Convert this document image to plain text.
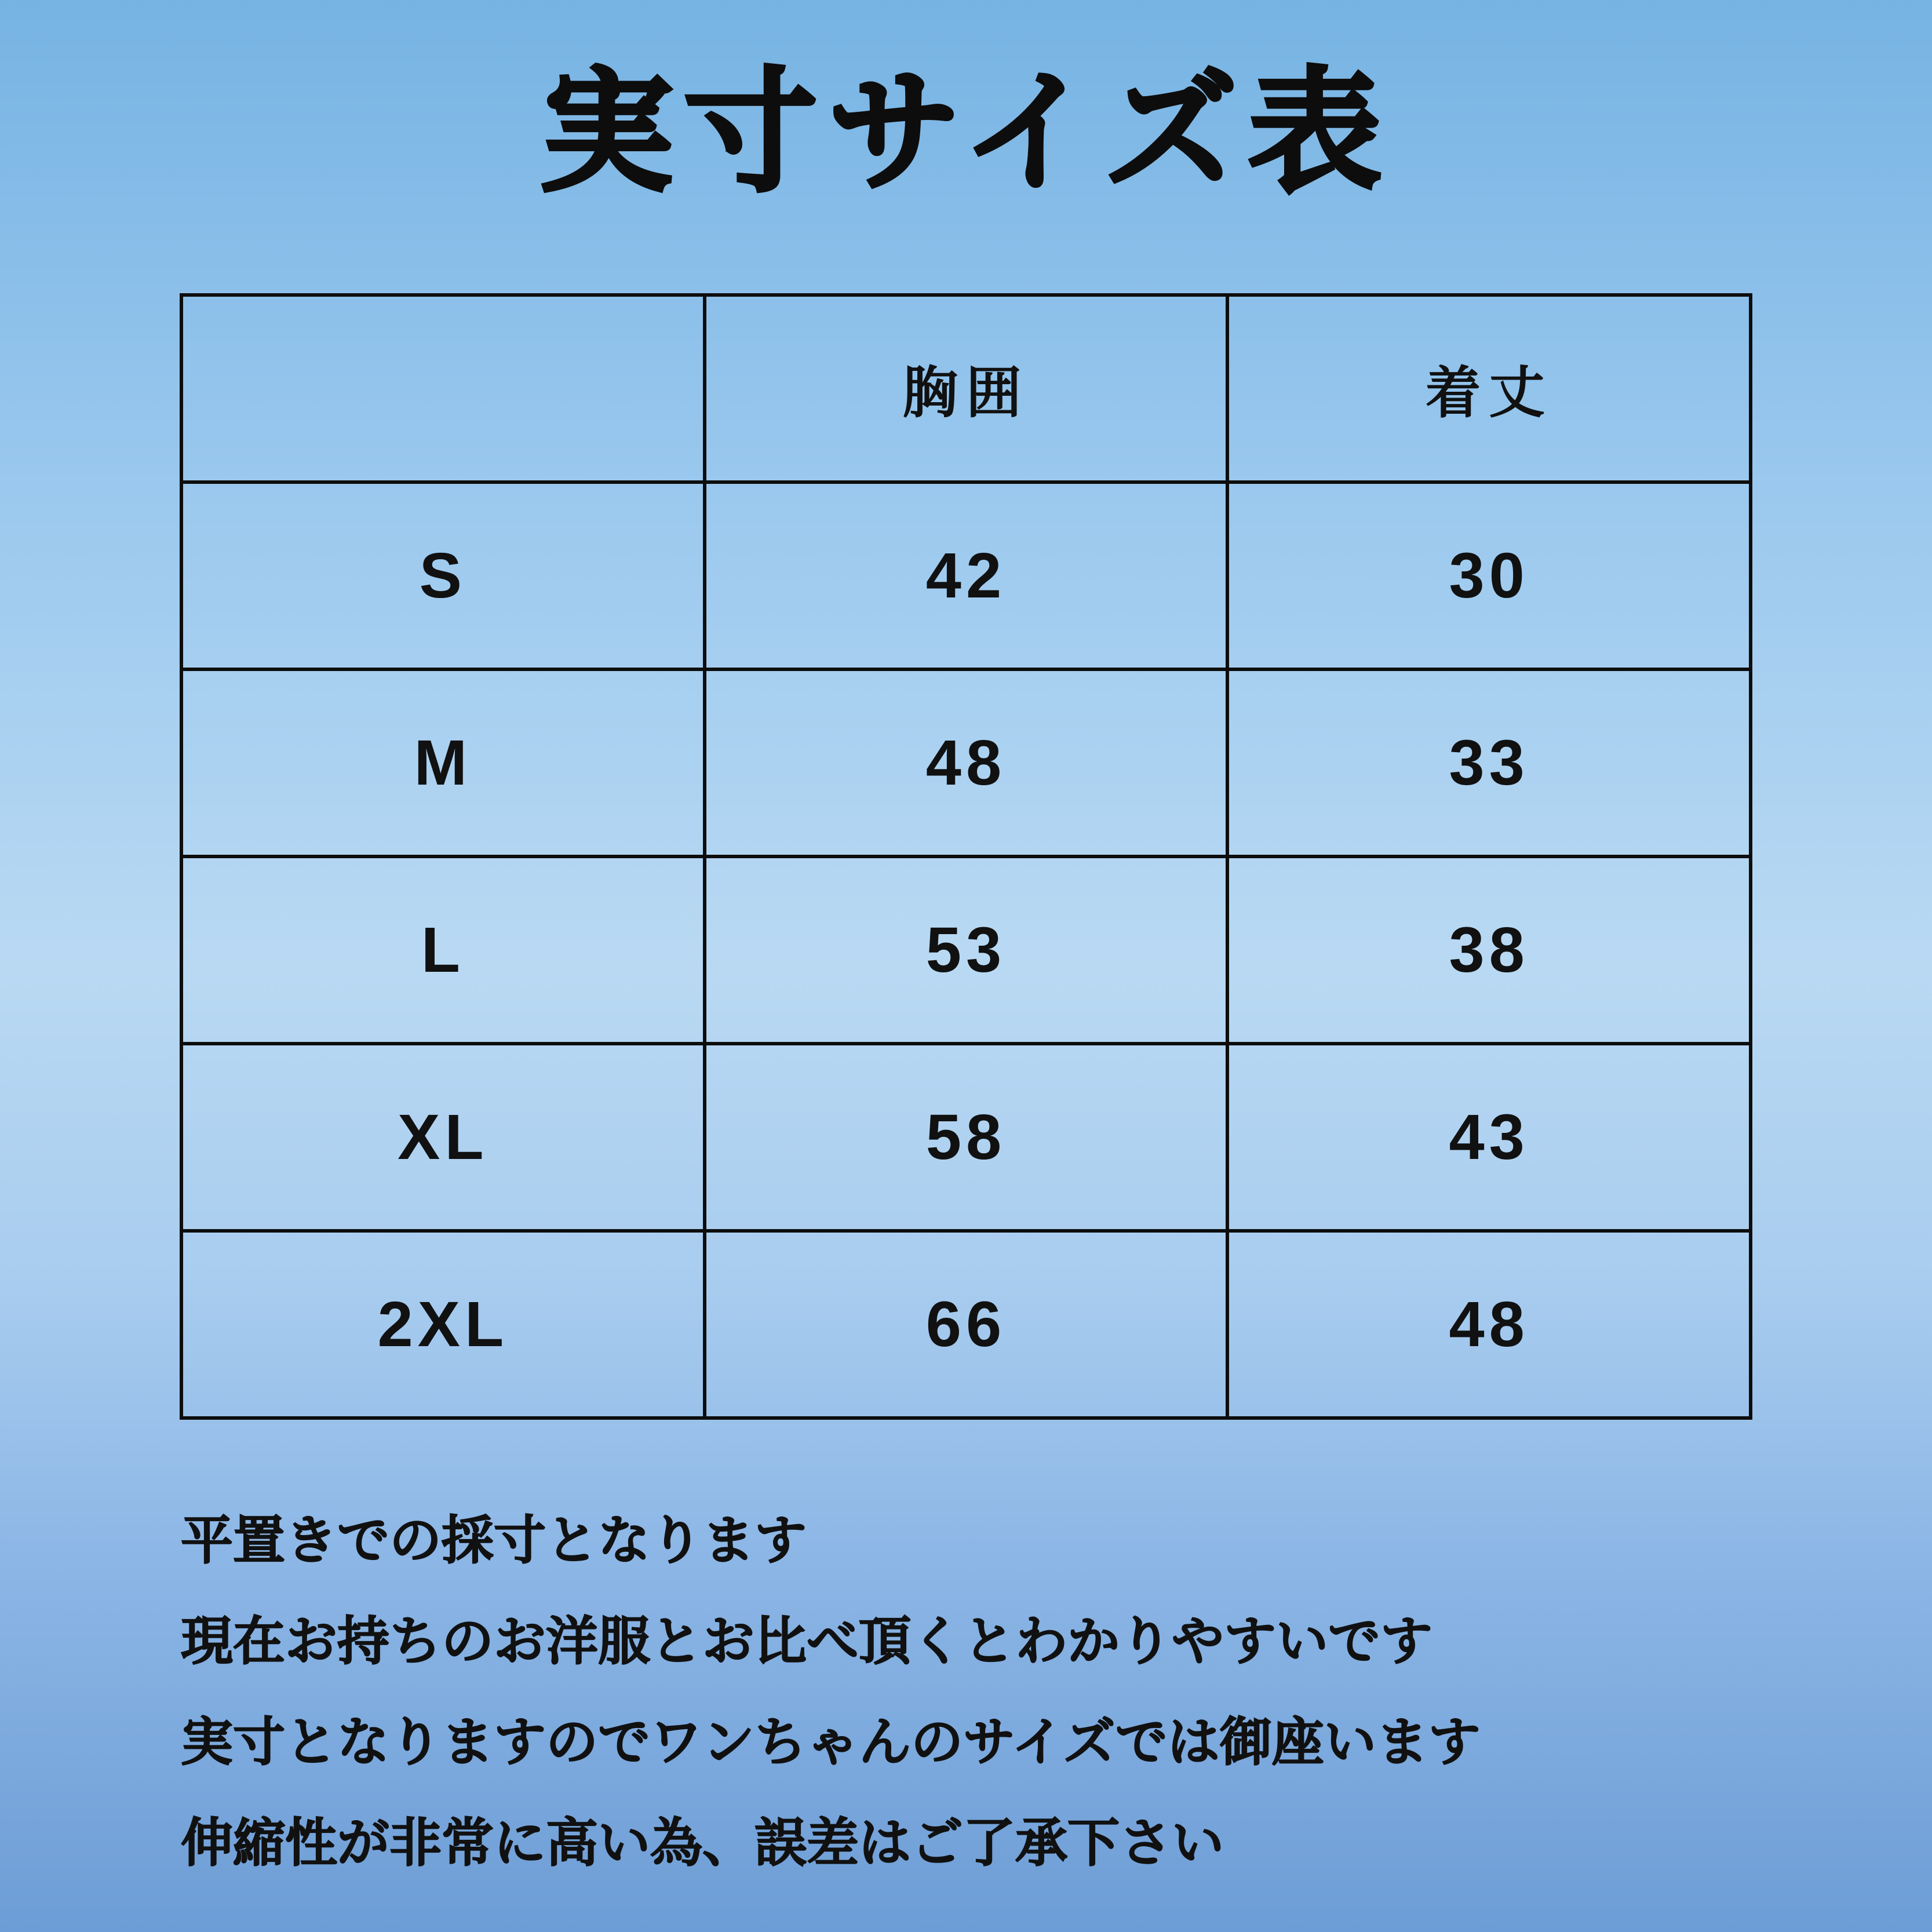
実寸サイズ表
	胸囲	着丈
S	42	30
M	48	33
L	53	38
XL	58	43
2XL	66	48
平置きでの採寸となります
現在お持ちのお洋服とお比べ頂くとわかりやすいです
実寸となりますのでワンちゃんのサイズでは御座います
伸縮性が非常に高い為、誤差はご了承下さい
